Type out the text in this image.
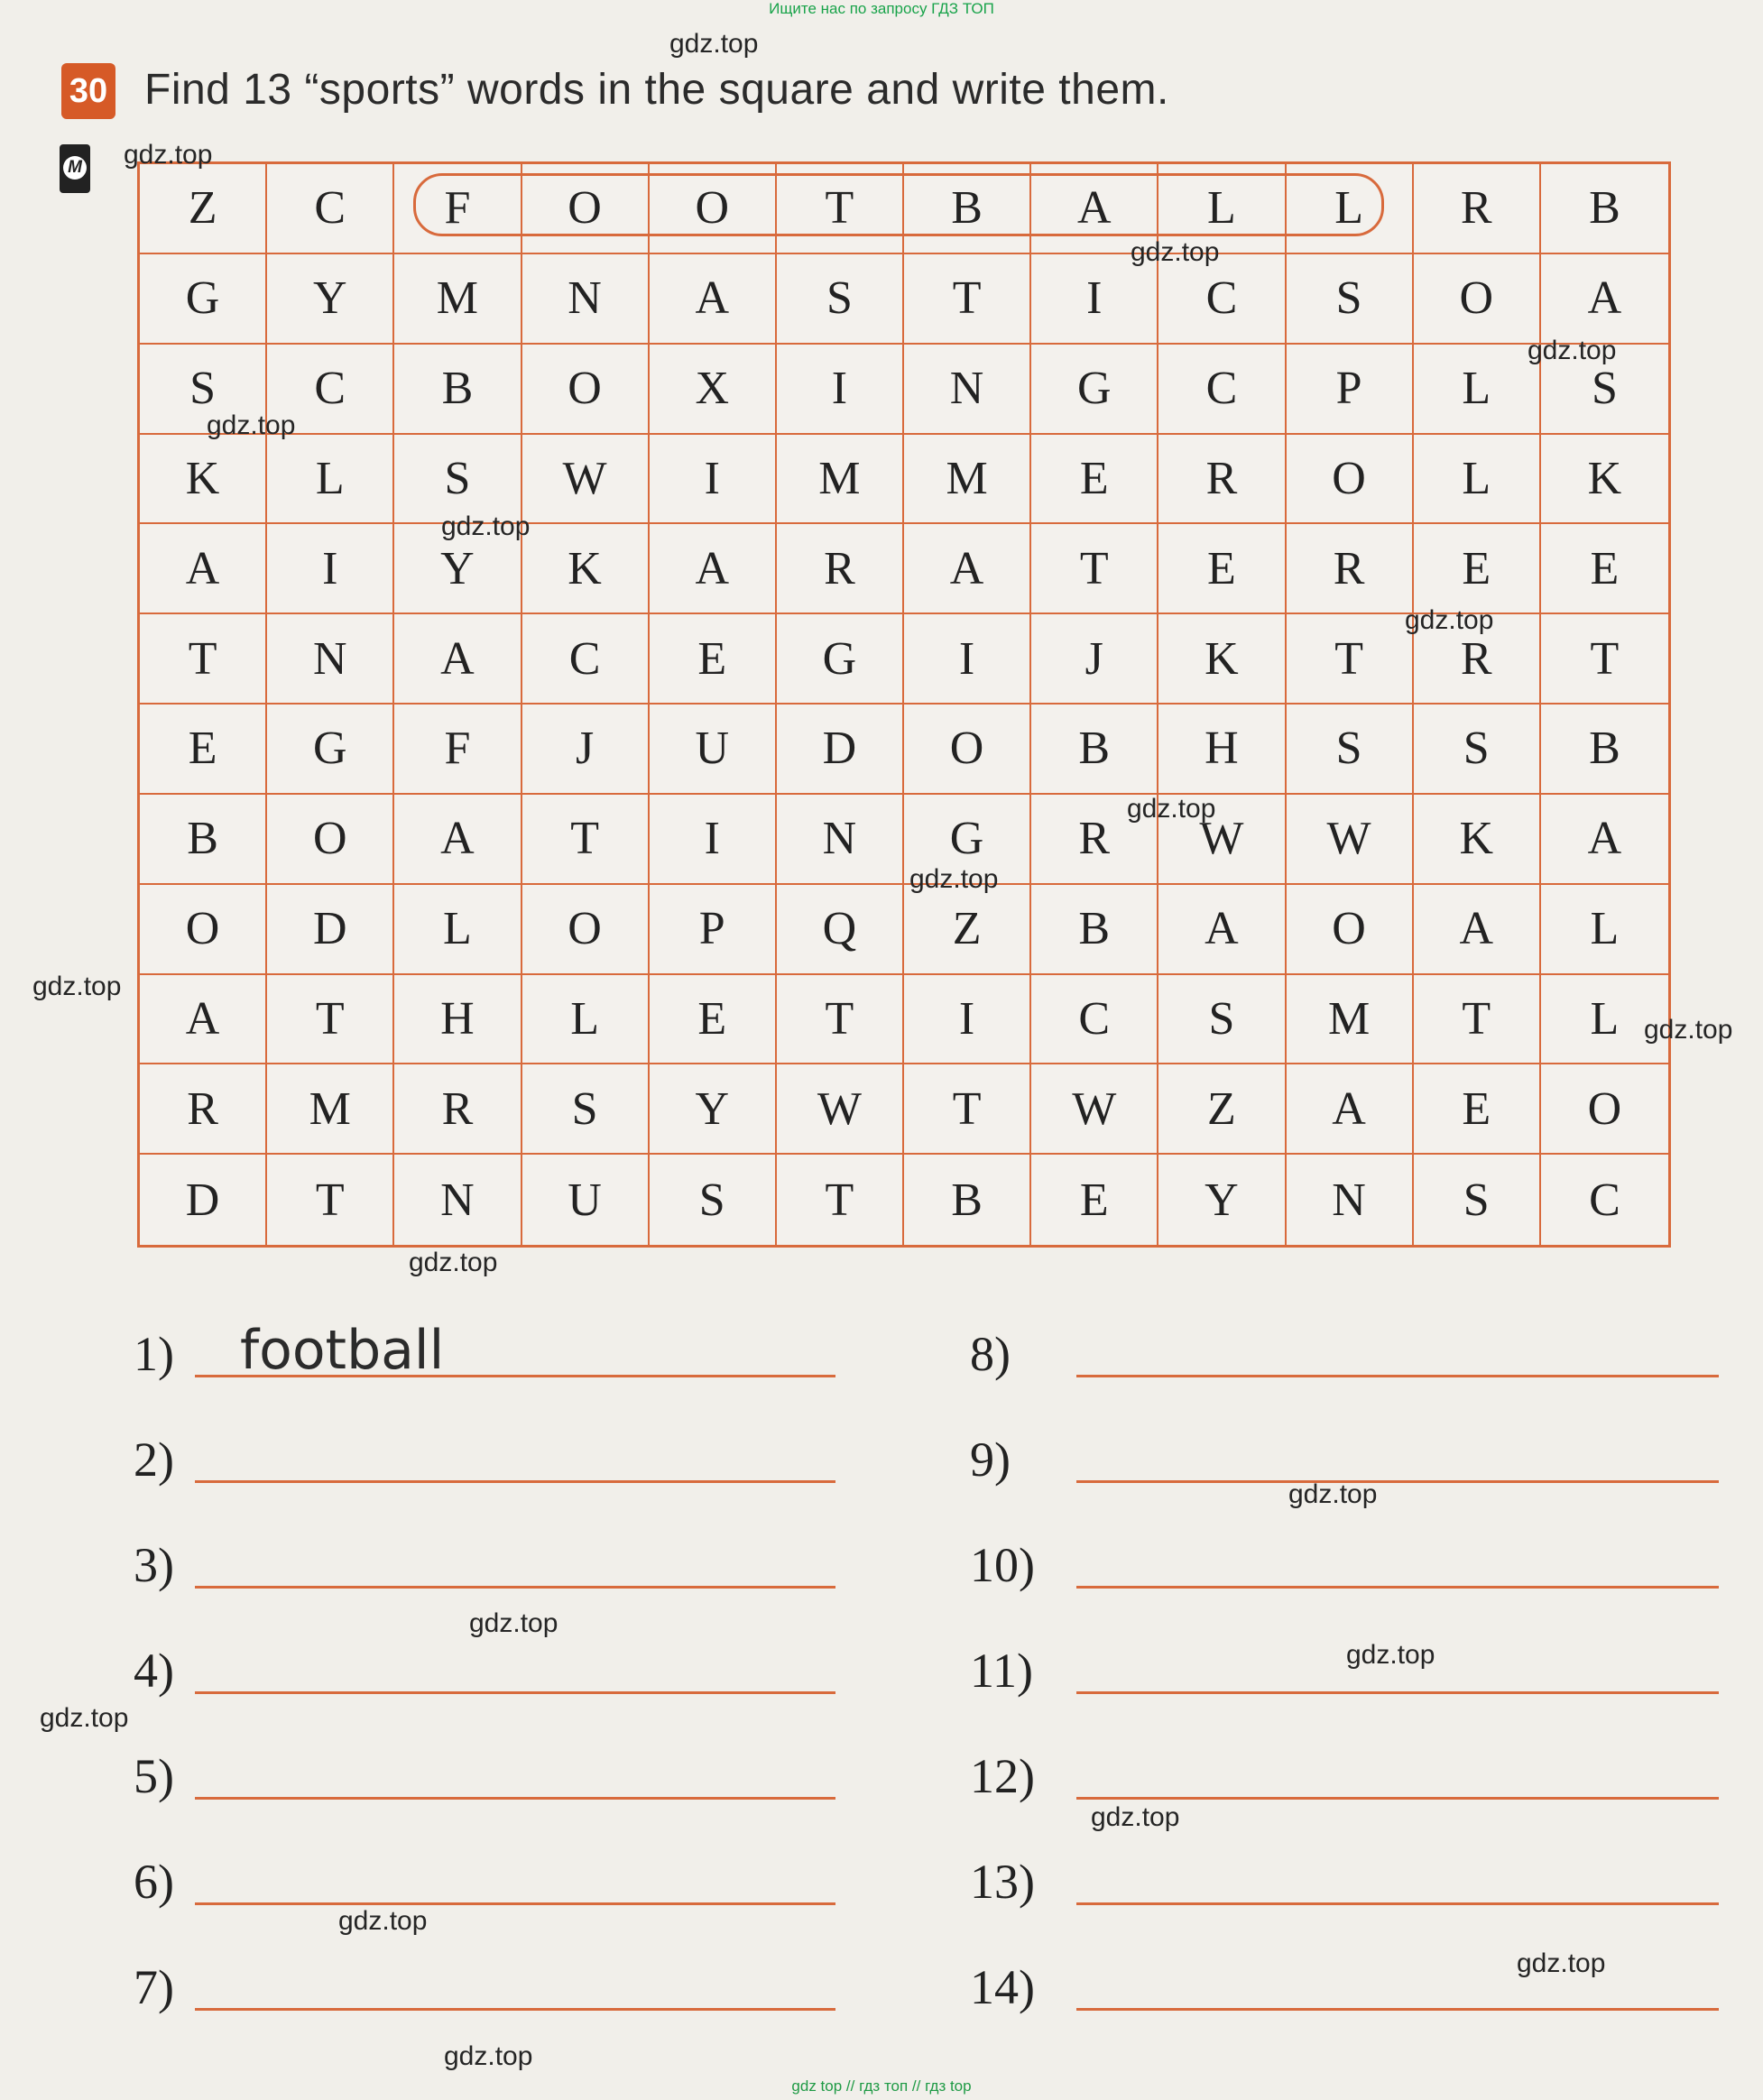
Ищите нас по запросу ГДЗ ТОП
30
M
Find 13 “sports” words in the square and write them.
Z	C	F	O	O	T	B	A	L	L	R	B
G	Y	M	N	A	S	T	I	C	S	O	A
S	C	B	O	X	I	N	G	C	P	L	S
K	L	S	W	I	M	M	E	R	O	L	K
A	I	Y	K	A	R	A	T	E	R	E	E
T	N	A	C	E	G	I	J	K	T	R	T
E	G	F	J	U	D	O	B	H	S	S	B
B	O	A	T	I	N	G	R	W	W	K	A
O	D	L	O	P	Q	Z	B	A	O	A	L
A	T	H	L	E	T	I	C	S	M	T	L
R	M	R	S	Y	W	T	W	Z	A	E	O
D	T	N	U	S	T	B	E	Y	N	S	C
1) football
2)
3)
4)
5)
6)
7)
8)
9)
10)
11)
12)
13)
14)
gdz.top
gdz.top
gdz.top
gdz.top
gdz.top
gdz.top
gdz.top
gdz.top
gdz.top
gdz.top
gdz.top
gdz.top
gdz.top
gdz.top
gdz.top
gdz.top
gdz.top
gdz.top
gdz.top
gdz.top
gdz top // гдз топ // гдз top
